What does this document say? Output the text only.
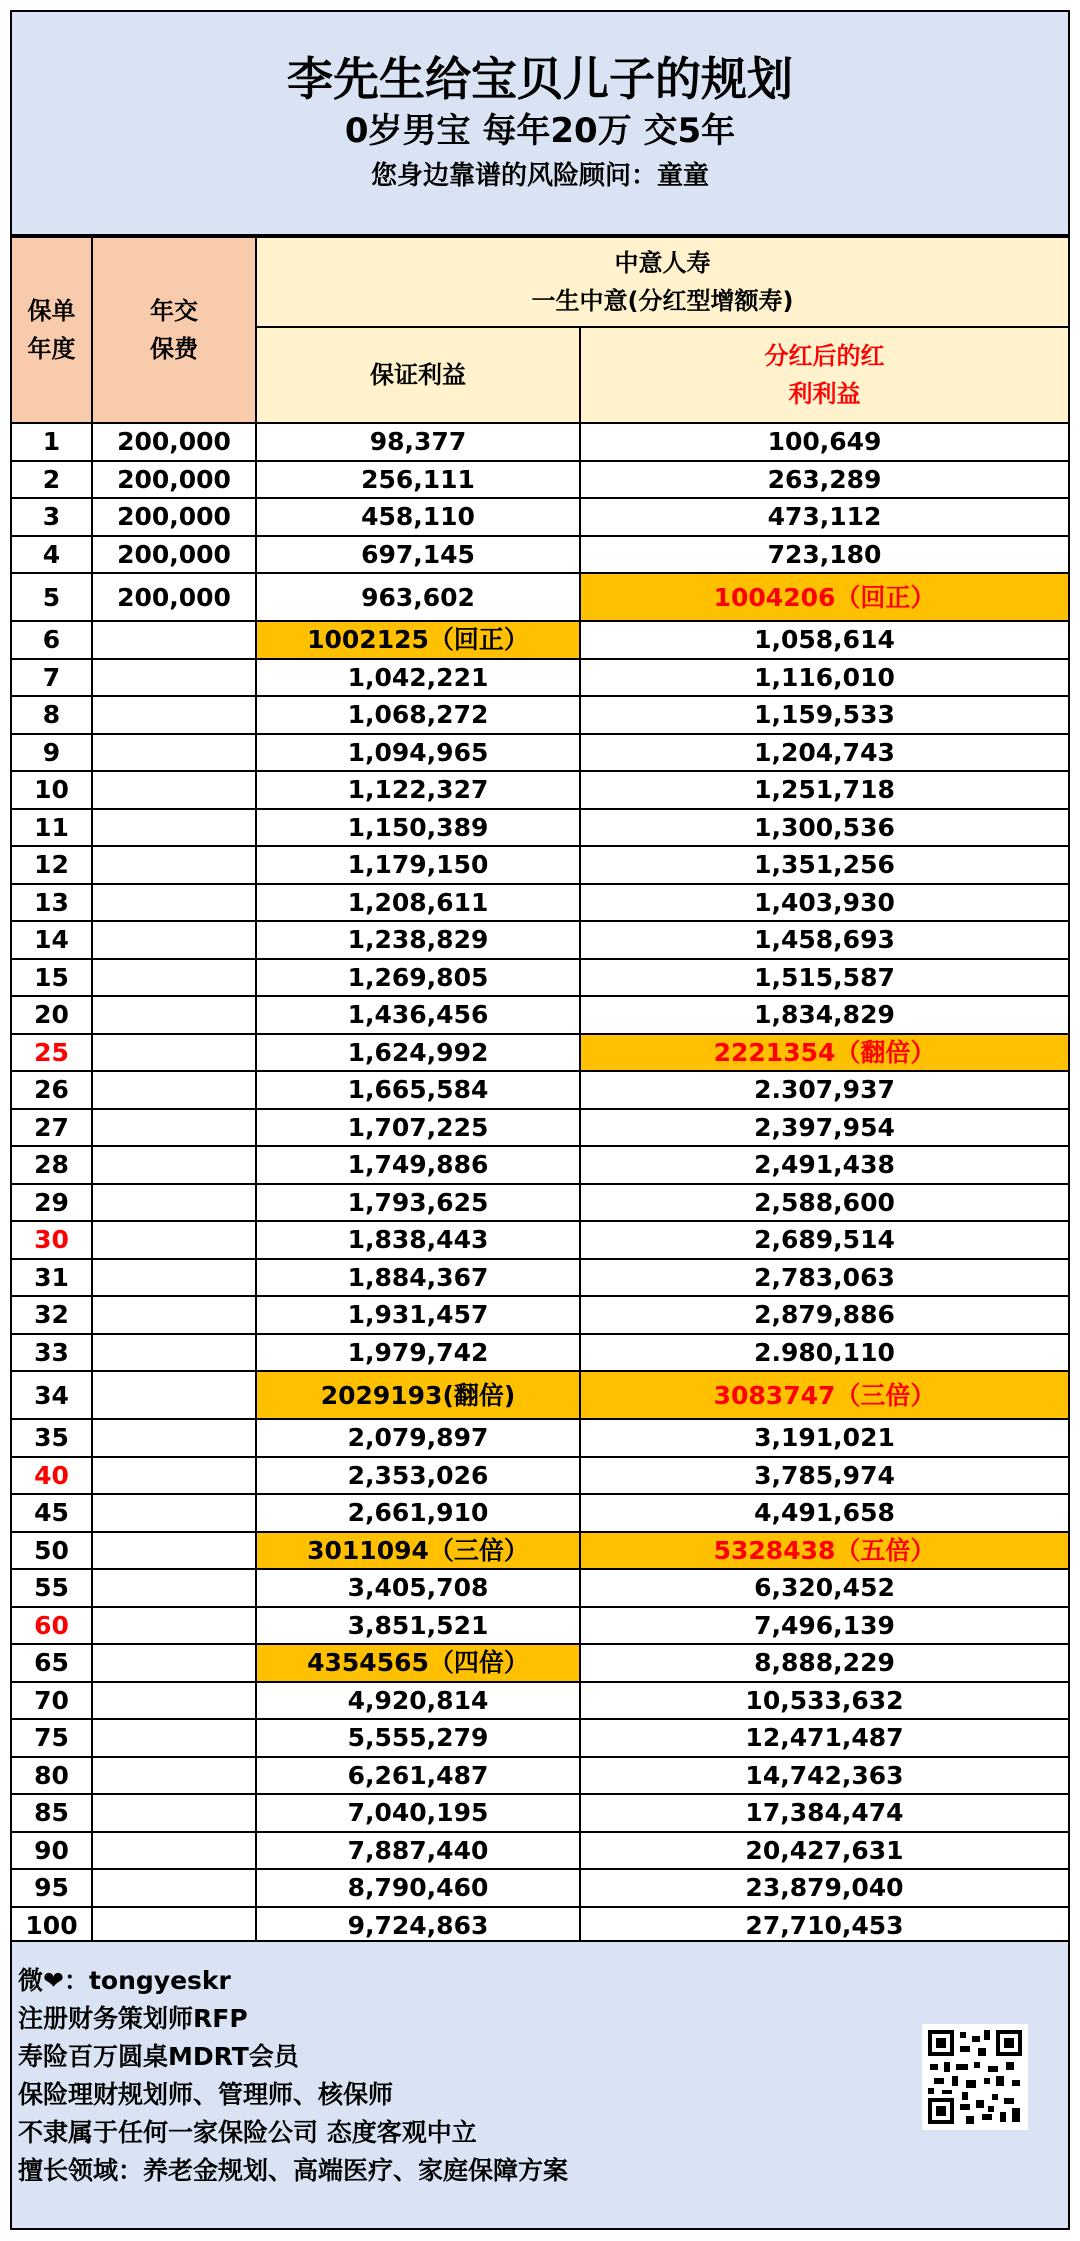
李先生给宝贝儿子的规划
0岁男宝 每年20万 交5年
您身边靠谱的风险顾问：童童
保单年度	年交保费	中意人寿
一生中意(分红型增额寿)	

		保证利益	分红后的红利利益
1	200,000	98,377	100,649
2	200,000	256,111	263,289
3	200,000	458,110	473,112
4	200,000	697,145	723,180
5	200,000	963,602	1004206（回正）
6		1002125（回正）	1,058,614
7		1,042,221	1,116,010
8		1,068,272	1,159,533
9		1,094,965	1,204,743
10		1,122,327	1,251,718
11		1,150,389	1,300,536
12		1,179,150	1,351,256
13		1,208,611	1,403,930
14		1,238,829	1,458,693
15		1,269,805	1,515,587
20		1,436,456	1,834,829
25		1,624,992	2221354（翻倍）
26		1,665,584	2.307,937
27		1,707,225	2,397,954
28		1,749,886	2,491,438
29		1,793,625	2,588,600
30		1,838,443	2,689,514
31		1,884,367	2,783,063
32		1,931,457	2,879,886
33		1,979,742	2.980,110
34		2029193(翻倍)	3083747（三倍）
35		2,079,897	3,191,021
40		2,353,026	3,785,974
45		2,661,910	4,491,658
50		3011094（三倍）	5328438（五倍）
55		3,405,708	6,320,452
60		3,851,521	7,496,139
65		4354565（四倍）	8,888,229
70		4,920,814	10,533,632
75		5,555,279	12,471,487
80		6,261,487	14,742,363
85		7,040,195	17,384,474
90		7,887,440	20,427,631
95		8,790,460	23,879,040
100		9,724,863	27,710,453
微❤：tongyeskr
注册财务策划师RFP
寿险百万圆桌MDRT会员
保险理财规划师、管理师、核保师
不隶属于任何一家保险公司 态度客观中立
擅长领域：养老金规划、高端医疗、家庭保障方案
